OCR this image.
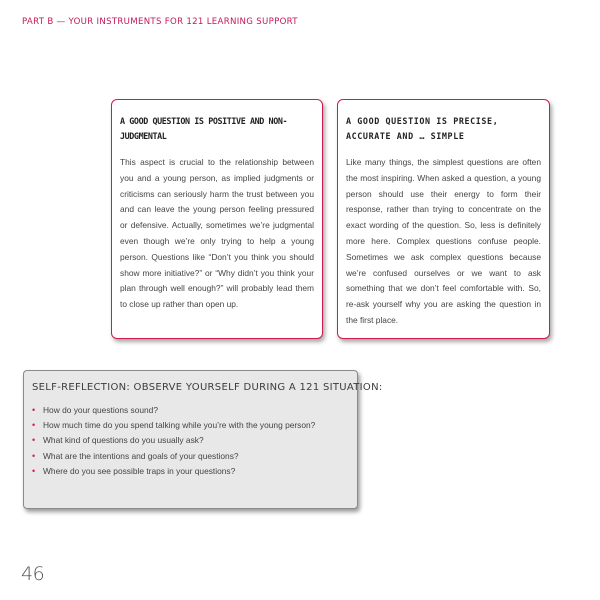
PART B — YOUR INSTRUMENTS FOR 121 LEARNING SUPPORT
A GOOD QUESTION IS POSITIVE AND NON-JUDGMENTAL
This aspect is crucial to the relationship between you and a young person, as implied judgments or criticisms can seriously harm the trust between you and can leave the young person feeling pressured or defensive. Actually, sometimes we’re judgmental even though we’re only trying to help a young person. Questions like “Don’t you think you should show more initiative?” or “Why didn’t you think your plan through well enough?” will probably lead them to close up rather than open up.
A GOOD QUESTION IS PRECISE, ACCURATE AND … SIMPLE
Like many things, the simplest questions are often the most inspiring. When asked a question, a young person should use their energy to form their response, rather than trying to concentrate on the exact wording of the question. So, less is definitely more here. Complex questions confuse people. Sometimes we ask complex questions because we’re confused ourselves or we want to ask something that we don’t feel comfortable with. So, re-ask yourself why you are asking the question in the first place.
SELF-REFLECTION: OBSERVE YOURSELF DURING A 121 SITUATION:
• How do your questions sound?
• How much time do you spend talking while you’re with the young person?
• What kind of questions do you usually ask?
• What are the intentions and goals of your questions?
• Where do you see possible traps in your questions?
46
